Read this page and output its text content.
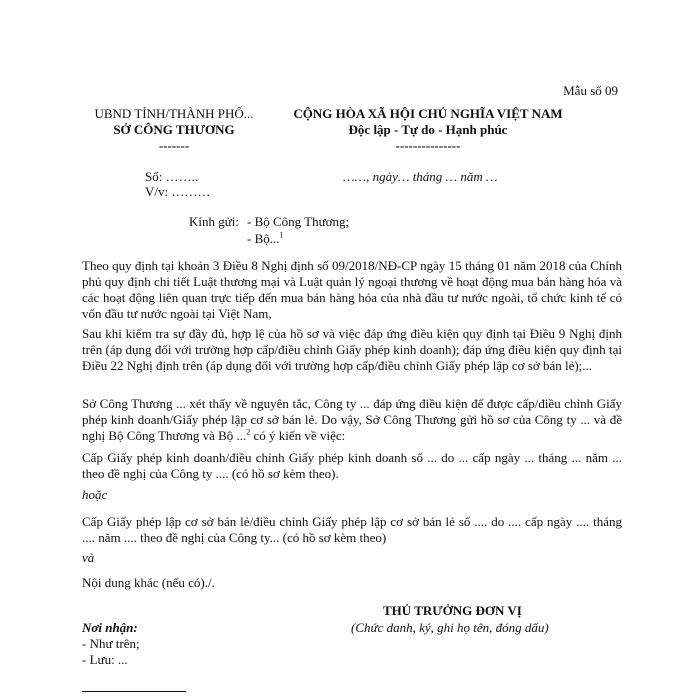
Mẫu số 09
UBND TỈNH/THÀNH PHỐ...
SỞ CÔNG THƯƠNG
-------
CỘNG HÒA XÃ HỘI CHỦ NGHĨA VIỆT NAM
Độc lập - Tự do - Hạnh phúc
---------------
Số: ……..
V/v: ………
……, ngày… tháng … năm …
Kính gửi: - Bộ Công Thương;
- Bộ...$^1$
Theo quy định tại khoản 3 Điều 8 Nghị định số 09/2018/NĐ-CP ngày 15 tháng 01 năm 2018 của Chính phủ quy định chi tiết Luật thương mại và Luật quản lý ngoại thương về hoạt động mua bán hàng hóa và các hoạt động liên quan trực tiếp đến mua bán hàng hóa của nhà đầu tư nước ngoài, tổ chức kinh tế có vốn đầu tư nước ngoài tại Việt Nam,
Sau khi kiểm tra sự đầy đủ, hợp lệ của hồ sơ và việc đáp ứng điều kiện quy định tại Điều 9 Nghị định trên (áp dụng đối với trường hợp cấp/điều chỉnh Giấy phép kinh doanh); đáp ứng điều kiện quy định tại Điều 22 Nghị định trên (áp dụng đối với trường hợp cấp/điều chỉnh Giấy phép lập cơ sở bán lẻ);...
Sở Công Thương ... xét thấy về nguyên tắc, Công ty ... đáp ứng điều kiện để được cấp/điều chỉnh Giấy phép kinh doanh/Giấy phép lập cơ sở bán lẻ. Do vậy, Sở Công Thương gửi hồ sơ của Công ty ... và đề nghị Bộ Công Thương và Bộ ...$^2$ có ý kiến về việc:
Cấp Giấy phép kinh doanh/điều chỉnh Giấy phép kinh doanh số ... do ... cấp ngày ... tháng ... năm ... theo đề nghị của Công ty .... (có hồ sơ kèm theo).
hoặc
Cấp Giấy phép lập cơ sở bán lẻ/điều chỉnh Giấy phép lập cơ sở bán lẻ số .... do .... cấp ngày .... tháng .... năm .... theo đề nghị của Công ty... (có hồ sơ kèm theo)
và
Nội dung khác (nếu có)./.
THỦ TRƯỞNG ĐƠN VỊ
(Chức danh, ký, ghi họ tên, đóng dấu)
Nơi nhận:
- Như trên;
- Lưu: ...
